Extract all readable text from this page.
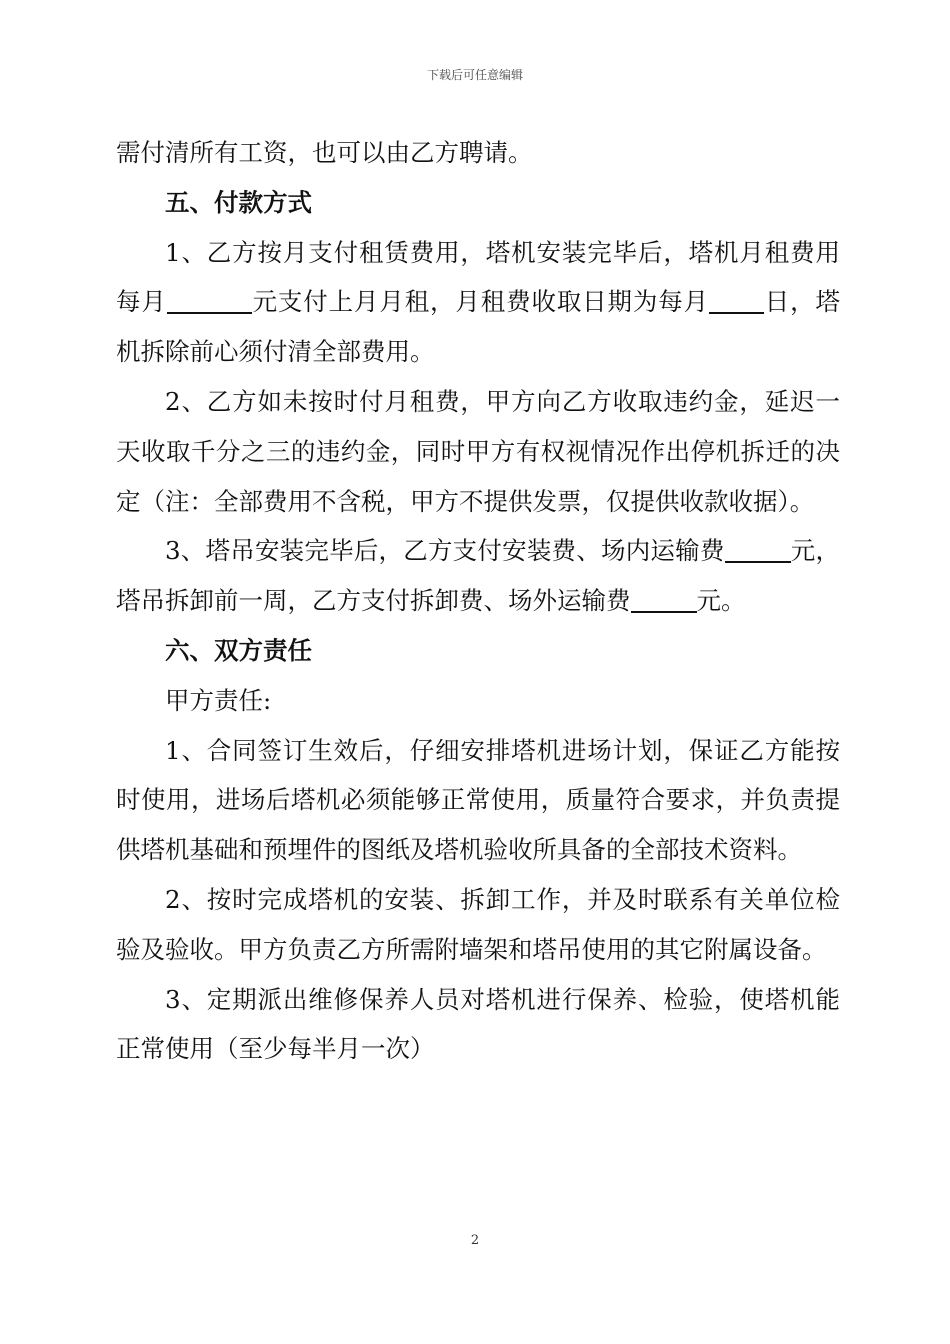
下载后可任意编辑

需付清所有工资，也可以由乙方聘请。

五、付款方式

1、乙方按月支付租赁费用，塔机安装完毕后，塔机月租费用每月	元支付上月月租，月租费收取日期为每月 日，塔机拆除前心须付清全部费用。

2、乙方如未按时付月租费，甲方向乙方收取违约金，延迟一天收取千分之三的违约金，同时甲方有权视情况作出停机拆迁的决定（注：全部费用不含税，甲方不提供发票，仅提供收款收据）。

3、塔吊安装完毕后，乙方支付安装费、场内运输费	元，塔吊拆卸前一周，乙方支付拆卸费、场外运输费	元。

六、双方责任

甲方责任:

1、合同签订生效后，仔细安排塔机进场计划，保证乙方能按时使用，进场后塔机必须能够正常使用，质量符合要求，并负责提供塔机基础和预埋件的图纸及塔机验收所具备的全部技术资料。

2、按时完成塔机的安装、拆卸工作，并及时联系有关单位检验及验收。甲方负责乙方所需附墙架和塔吊使用的其它附属设备。

3、定期派出维修保养人员对塔机进行保养、检验，使塔机能正常使用（至少每半月一次）

2
